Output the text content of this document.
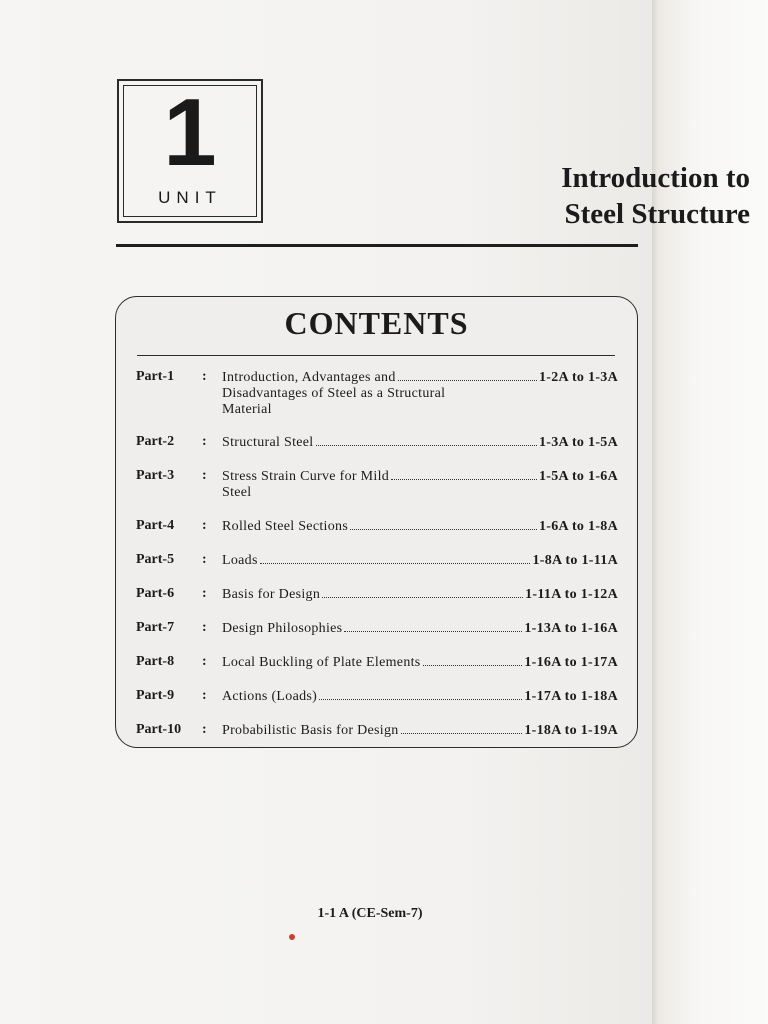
1
UNIT
Introduction to
Steel Structure
CONTENTS
Part-1 : Introduction, Advantages and	1-2A to 1-3A
Disadvantages of Steel as a Structural
Material
Part-2 : Structural Steel	1-3A to 1-5A
Part-3 : Stress Strain Curve for Mild	1-5A to 1-6A
Steel
Part-4 : Rolled Steel Sections	1-6A to 1-8A
Part-5 : Loads	1-8A to 1-11A
Part-6 : Basis for Design	1-11A to 1-12A
Part-7 : Design Philosophies	1-13A to 1-16A
Part-8 : Local Buckling of Plate Elements	1-16A to 1-17A
Part-9 : Actions (Loads)	1-17A to 1-18A
Part-10 : Probabilistic Basis for Design	1-18A to 1-19A
1-1 A (CE-Sem-7)
